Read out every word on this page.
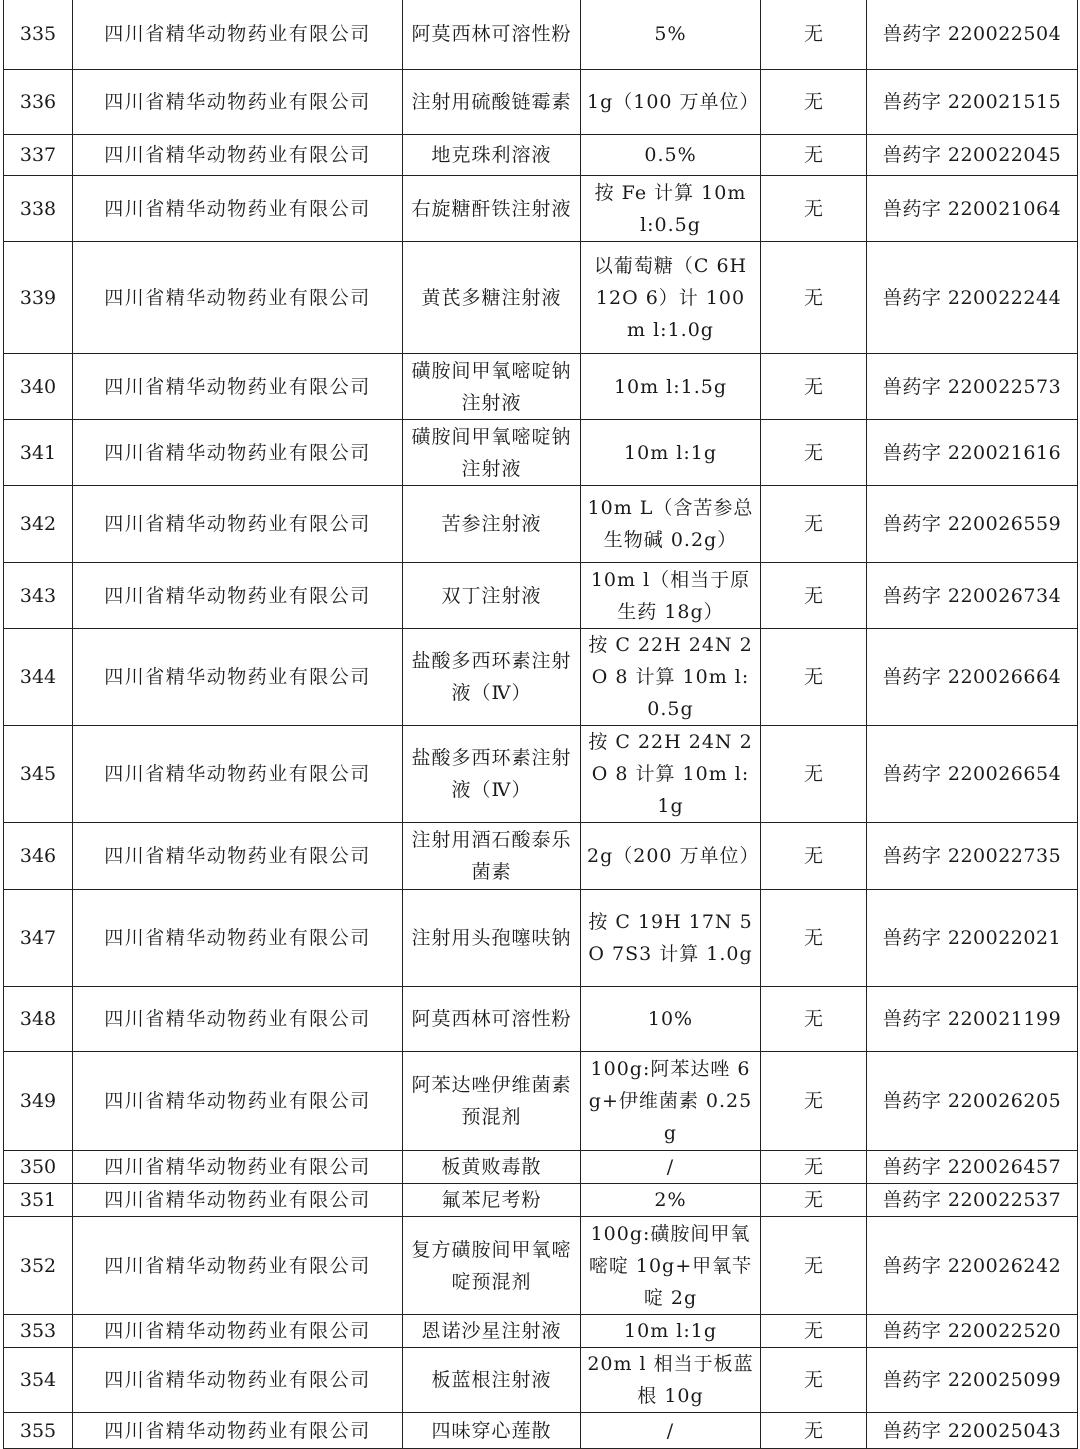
335	四川省精华动物药业有限公司	阿莫西林可溶性粉	5%	无	兽药字 220022504
336	四川省精华动物药业有限公司	注射用硫酸链霉素	1g（100 万单位）	无	兽药字 220021515
337	四川省精华动物药业有限公司	地克珠利溶液	0.5%	无	兽药字 220022045
338	四川省精华动物药业有限公司	右旋糖酐铁注射液	按 Fe 计算 10m l:0.5g	无	兽药字 220021064
339	四川省精华动物药业有限公司	黄芪多糖注射液	以葡萄糖（C 6H 12O 6）计 100m l:1.0g	无	兽药字 220022244
340	四川省精华动物药业有限公司	磺胺间甲氧嘧啶钠注射液	10m l:1.5g	无	兽药字 220022573
341	四川省精华动物药业有限公司	磺胺间甲氧嘧啶钠注射液	10m l:1g	无	兽药字 220021616
342	四川省精华动物药业有限公司	苦参注射液	10m L（含苦参总生物碱 0.2g）	无	兽药字 220026559
343	四川省精华动物药业有限公司	双丁注射液	10m l（相当于原生药 18g）	无	兽药字 220026734
344	四川省精华动物药业有限公司	盐酸多西环素注射液（Ⅳ）	按 C 22H 24N 2O 8 计算 10m l:0.5g	无	兽药字 220026664
345	四川省精华动物药业有限公司	盐酸多西环素注射液（Ⅳ）	按 C 22H 24N 2O 8 计算 10m l:1g	无	兽药字 220026654
346	四川省精华动物药业有限公司	注射用酒石酸泰乐菌素	2g（200 万单位）	无	兽药字 220022735
347	四川省精华动物药业有限公司	注射用头孢噻呋钠	按 C 19H 17N 5O 7S3 计算 1.0g	无	兽药字 220022021
348	四川省精华动物药业有限公司	阿莫西林可溶性粉	10%	无	兽药字 220021199
349	四川省精华动物药业有限公司	阿苯达唑伊维菌素预混剂	100g:阿苯达唑 6g+伊维菌素 0.25g	无	兽药字 220026205
350	四川省精华动物药业有限公司	板黄败毒散	/	无	兽药字 220026457
351	四川省精华动物药业有限公司	氟苯尼考粉	2%	无	兽药字 220022537
352	四川省精华动物药业有限公司	复方磺胺间甲氧嘧啶预混剂	100g:磺胺间甲氧嘧啶 10g+甲氧苄啶 2g	无	兽药字 220026242
353	四川省精华动物药业有限公司	恩诺沙星注射液	10m l:1g	无	兽药字 220022520
354	四川省精华动物药业有限公司	板蓝根注射液	20m l 相当于板蓝根 10g	无	兽药字 220025099
355	四川省精华动物药业有限公司	四味穿心莲散	/	无	兽药字 220025043
